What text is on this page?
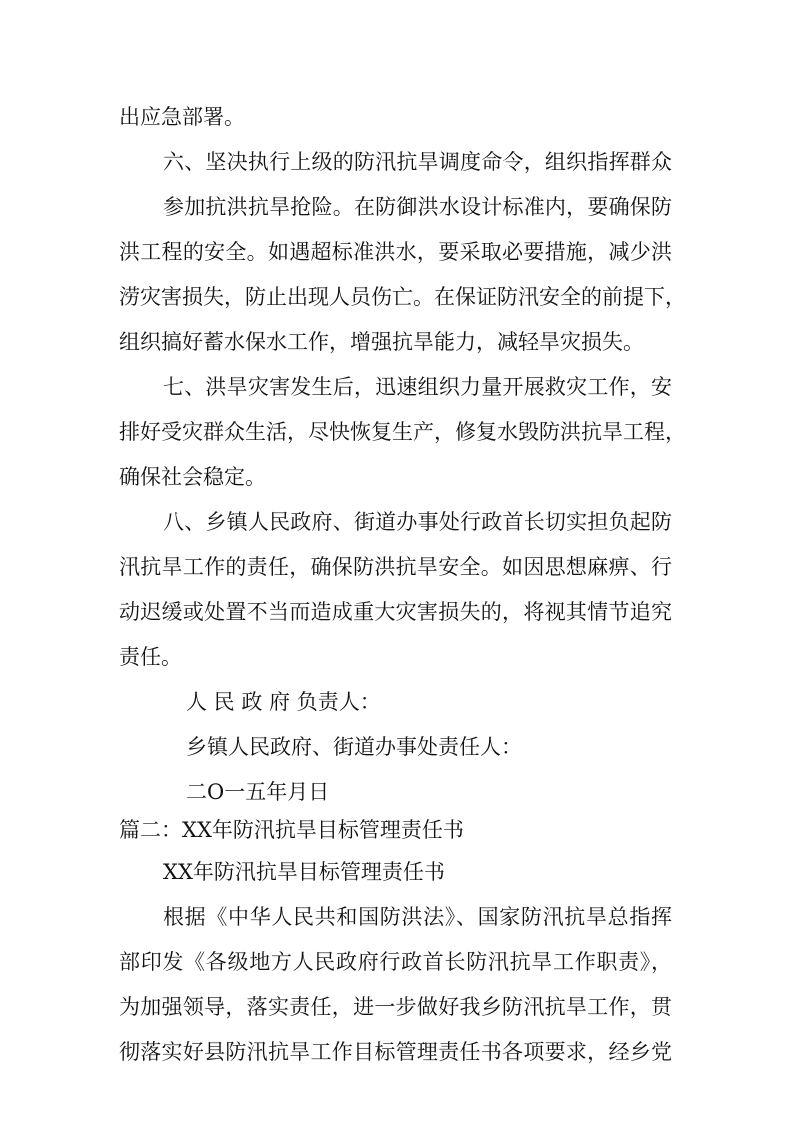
出应急部署。
六、坚决执行上级的防汛抗旱调度命令，组织指挥群众
参加抗洪抗旱抢险。在防御洪水设计标准内，要确保防
洪工程的安全。如遇超标准洪水，要采取必要措施，减少洪
涝灾害损失，防止出现人员伤亡。在保证防汛安全的前提下，
组织搞好蓄水保水工作，增强抗旱能力，减轻旱灾损失。
七、洪旱灾害发生后，迅速组织力量开展救灾工作，安
排好受灾群众生活，尽快恢复生产，修复水毁防洪抗旱工程，
确保社会稳定。
八、乡镇人民政府、街道办事处行政首长切实担负起防
汛抗旱工作的责任，确保防洪抗旱安全。如因思想麻痹、行
动迟缓或处置不当而造成重大灾害损失的，将视其情节追究
责任。
人 民 政 府 负责人：
乡镇人民政府、街道办事处责任人：
二O一五年月日
篇二：XX年防汛抗旱目标管理责任书
XX年防汛抗旱目标管理责任书
根据《中华人民共和国防洪法》、国家防汛抗旱总指挥
部印发《各级地方人民政府行政首长防汛抗旱工作职责》，
为加强领导，落实责任，进一步做好我乡防汛抗旱工作，贯
彻落实好县防汛抗旱工作目标管理责任书各项要求，经乡党
